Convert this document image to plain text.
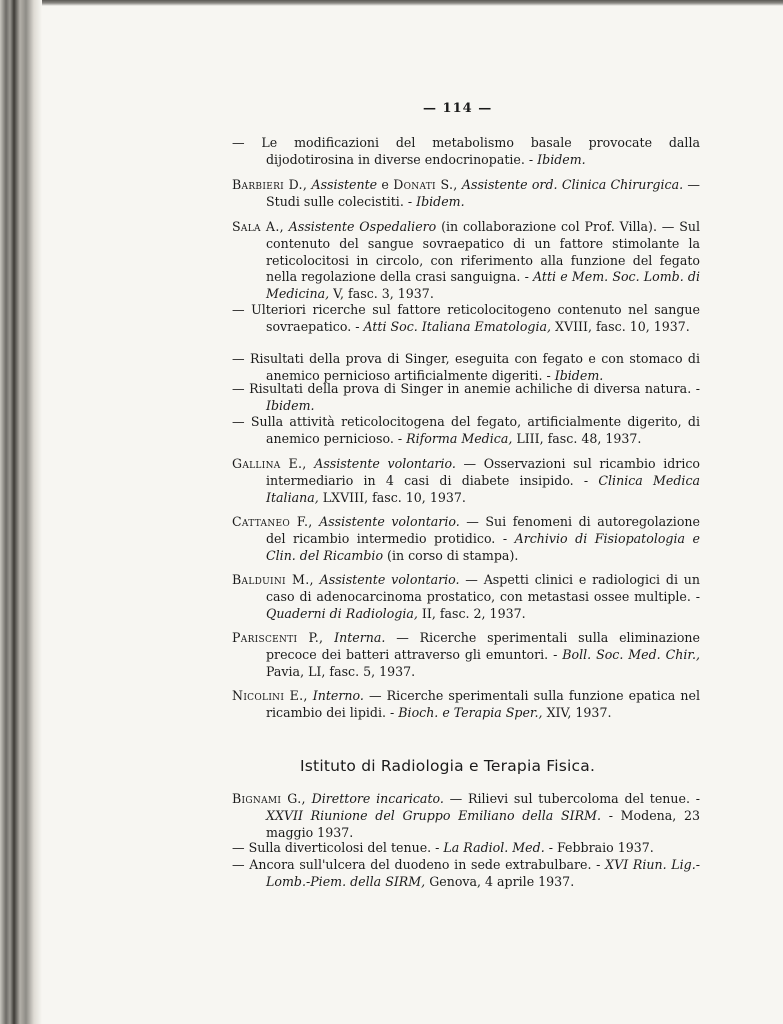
— 114 —
— Le modificazioni del metabolismo basale provocate dalla dijodotirosina in diverse endocrinopatie. - Ibidem.
Barbieri D., Assistente e Donati S., Assistente ord. Clinica Chirurgica. — Studi sulle colecistiti. - Ibidem.
Sala A., Assistente Ospedaliero (in collaborazione col Prof. Villa). — Sul contenuto del sangue sovraepatico di un fattore stimolante la reticolocitosi in circolo, con riferimento alla funzione del fegato nella regolazione della crasi sanguigna. - Atti e Mem. Soc. Lomb. di Medicina, V, fasc. 3, 1937.
— Ulteriori ricerche sul fattore reticolocitogeno contenuto nel sangue sovraepatico. - Atti Soc. Italiana Ematologia, XVIII, fasc. 10, 1937.
— Risultati della prova di Singer, eseguita con fegato e con stomaco di anemico pernicioso artificialmente digeriti. - Ibidem.
— Risultati della prova di Singer in anemie achiliche di diversa natura. - Ibidem.
— Sulla attività reticolocitogena del fegato, artificialmente digerito, di anemico pernicioso. - Riforma Medica, LIII, fasc. 48, 1937.
Gallina E., Assistente volontario. — Osservazioni sul ricambio idrico intermediario in 4 casi di diabete insipido. - Clinica Medica Italiana, LXVIII, fasc. 10, 1937.
Cattaneo F., Assistente volontario. — Sui fenomeni di autoregolazione del ricambio intermedio protidico. - Archivio di Fisiopatologia e Clin. del Ricambio (in corso di stampa).
Balduini M., Assistente volontario. — Aspetti clinici e radiologici di un caso di adenocarcinoma prostatico, con metastasi ossee multiple. - Quaderni di Radiologia, II, fasc. 2, 1937.
Pariscenti P., Interna. — Ricerche sperimentali sulla eliminazione precoce dei batteri attraverso gli emuntori. - Boll. Soc. Med. Chir., Pavia, LI, fasc. 5, 1937.
Nicolini E., Interno. — Ricerche sperimentali sulla funzione epatica nel ricambio dei lipidi. - Bioch. e Terapia Sper., XIV, 1937.
Istituto di Radiologia e Terapia Fisica.
Bignami G., Direttore incaricato. — Rilievi sul tubercoloma del tenue. - XXVII Riunione del Gruppo Emiliano della SIRM. - Modena, 23 maggio 1937.
— Sulla diverticolosi del tenue. - La Radiol. Med. - Febbraio 1937.
— Ancora sull'ulcera del duodeno in sede extrabulbare. - XVI Riun. Lig.-Lomb.-Piem. della SIRM, Genova, 4 aprile 1937.
